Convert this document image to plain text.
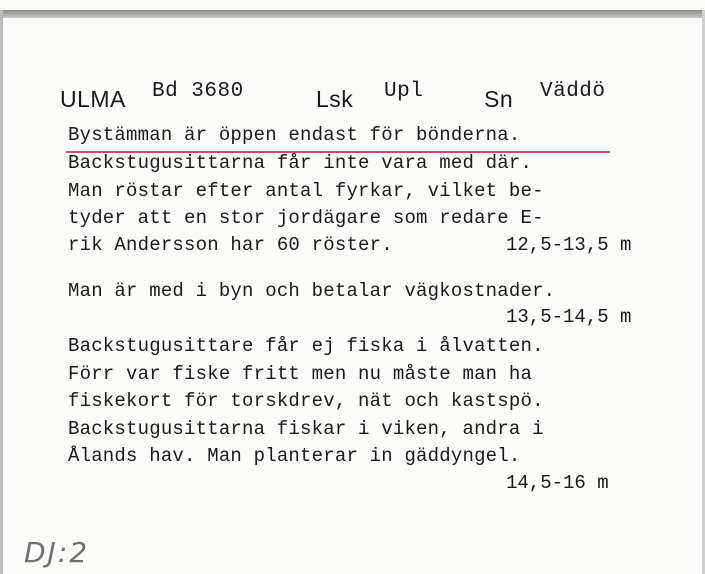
ULMA Bd 3680	Lsk Upl	Sn Väddö
Bystämman är öppen endast för bönderna.
Backstugusittarna får inte vara med där.
Man röstar efter antal fyrkar, vilket be-
tyder att en stor jordägare som redare E-
rik Andersson har 60 röster.	12,5-13,5 m
Man är med i byn och betalar vägkostnader.
13,5-14,5 m
Backstugusittare får ej fiska i ålvatten.
Förr var fiske fritt men nu måste man ha
fiskekort för torskdrev, nät och kastspö.
Backstugusittarna fiskar i viken, andra i
Ålands hav. Man planterar in gäddyngel.
14,5-16 m
DJ:2
